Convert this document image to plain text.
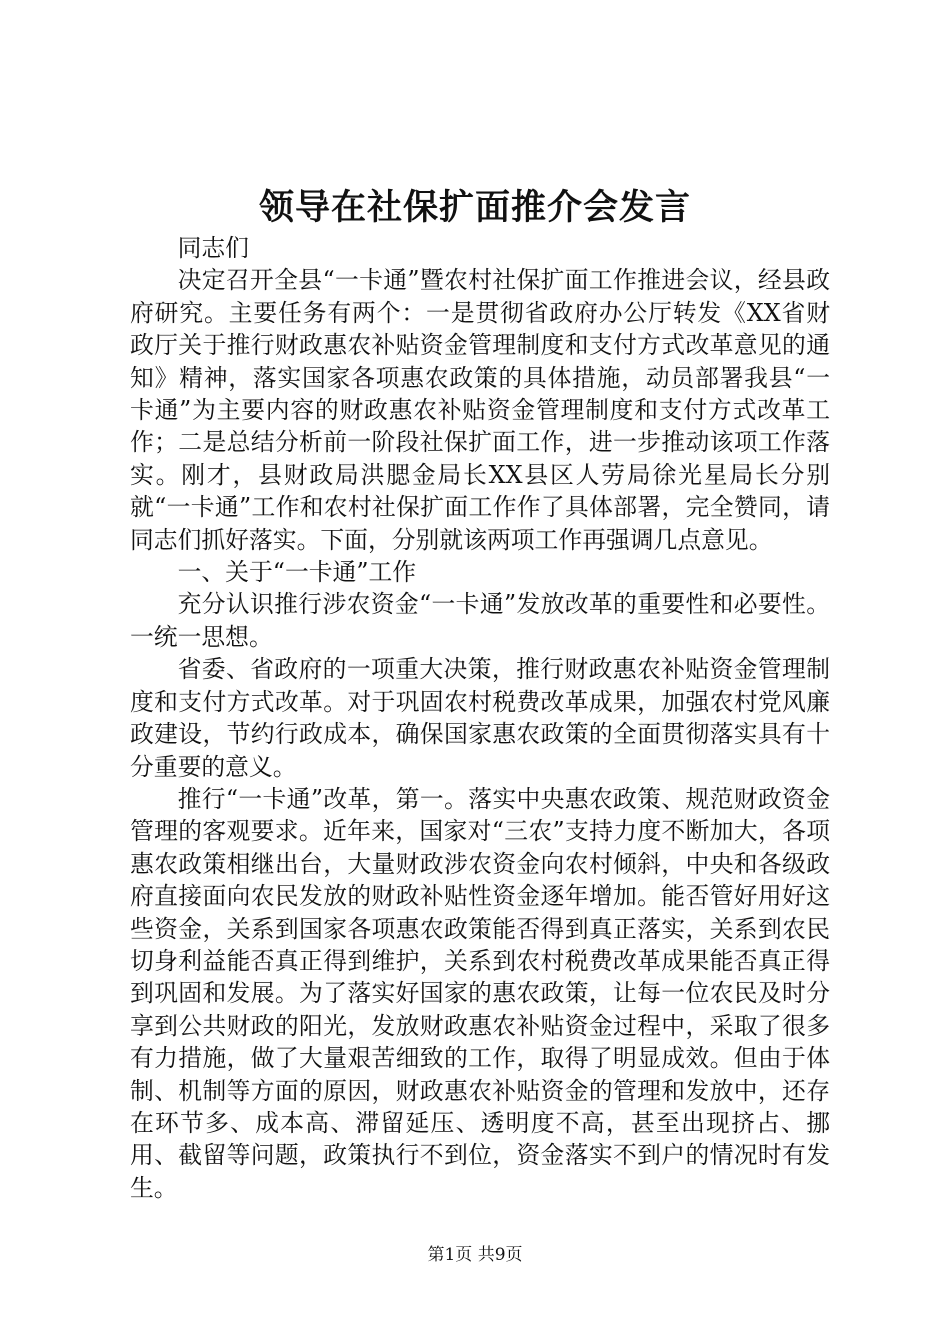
领导在社保扩面推介会发言

同志们

决定召开全县“一卡通”暨农村社保扩面工作推进会议，经县政府研究。主要任务有两个：一是贯彻省政府办公厅转发《XX省财政厅关于推行财政惠农补贴资金管理制度和支付方式改革意见的通知》精神，落实国家各项惠农政策的具体措施，动员部署我县“一卡通”为主要内容的财政惠农补贴资金管理制度和支付方式改革工作；二是总结分析前一阶段社保扩面工作，进一步推动该项工作落实。刚才，县财政局洪腮金局长XX县区人劳局徐光星局长分别就“一卡通”工作和农村社保扩面工作作了具体部署，完全赞同，请同志们抓好落实。下面，分别就该两项工作再强调几点意见。

一、关于“一卡通”工作

充分认识推行涉农资金“一卡通”发放改革的重要性和必要性。一统一思想。

省委、省政府的一项重大决策，推行财政惠农补贴资金管理制度和支付方式改革。对于巩固农村税费改革成果，加强农村党风廉政建设，节约行政成本，确保国家惠农政策的全面贯彻落实具有十分重要的意义。

推行“一卡通”改革，第一。落实中央惠农政策、规范财政资金管理的客观要求。近年来，国家对“三农”支持力度不断加大，各项惠农政策相继出台，大量财政涉农资金向农村倾斜，中央和各级政府直接面向农民发放的财政补贴性资金逐年增加。能否管好用好这些资金，关系到国家各项惠农政策能否得到真正落实，关系到农民切身利益能否真正得到维护，关系到农村税费改革成果能否真正得到巩固和发展。为了落实好国家的惠农政策，让每一位农民及时分享到公共财政的阳光，发放财政惠农补贴资金过程中，采取了很多有力措施，做了大量艰苦细致的工作，取得了明显成效。但由于体制、机制等方面的原因，财政惠农补贴资金的管理和发放中，还存在环节多、成本高、滞留延压、透明度不高，甚至出现挤占、挪用、截留等问题，政策执行不到位，资金落实不到户的情况时有发生。

第1页 共9页
